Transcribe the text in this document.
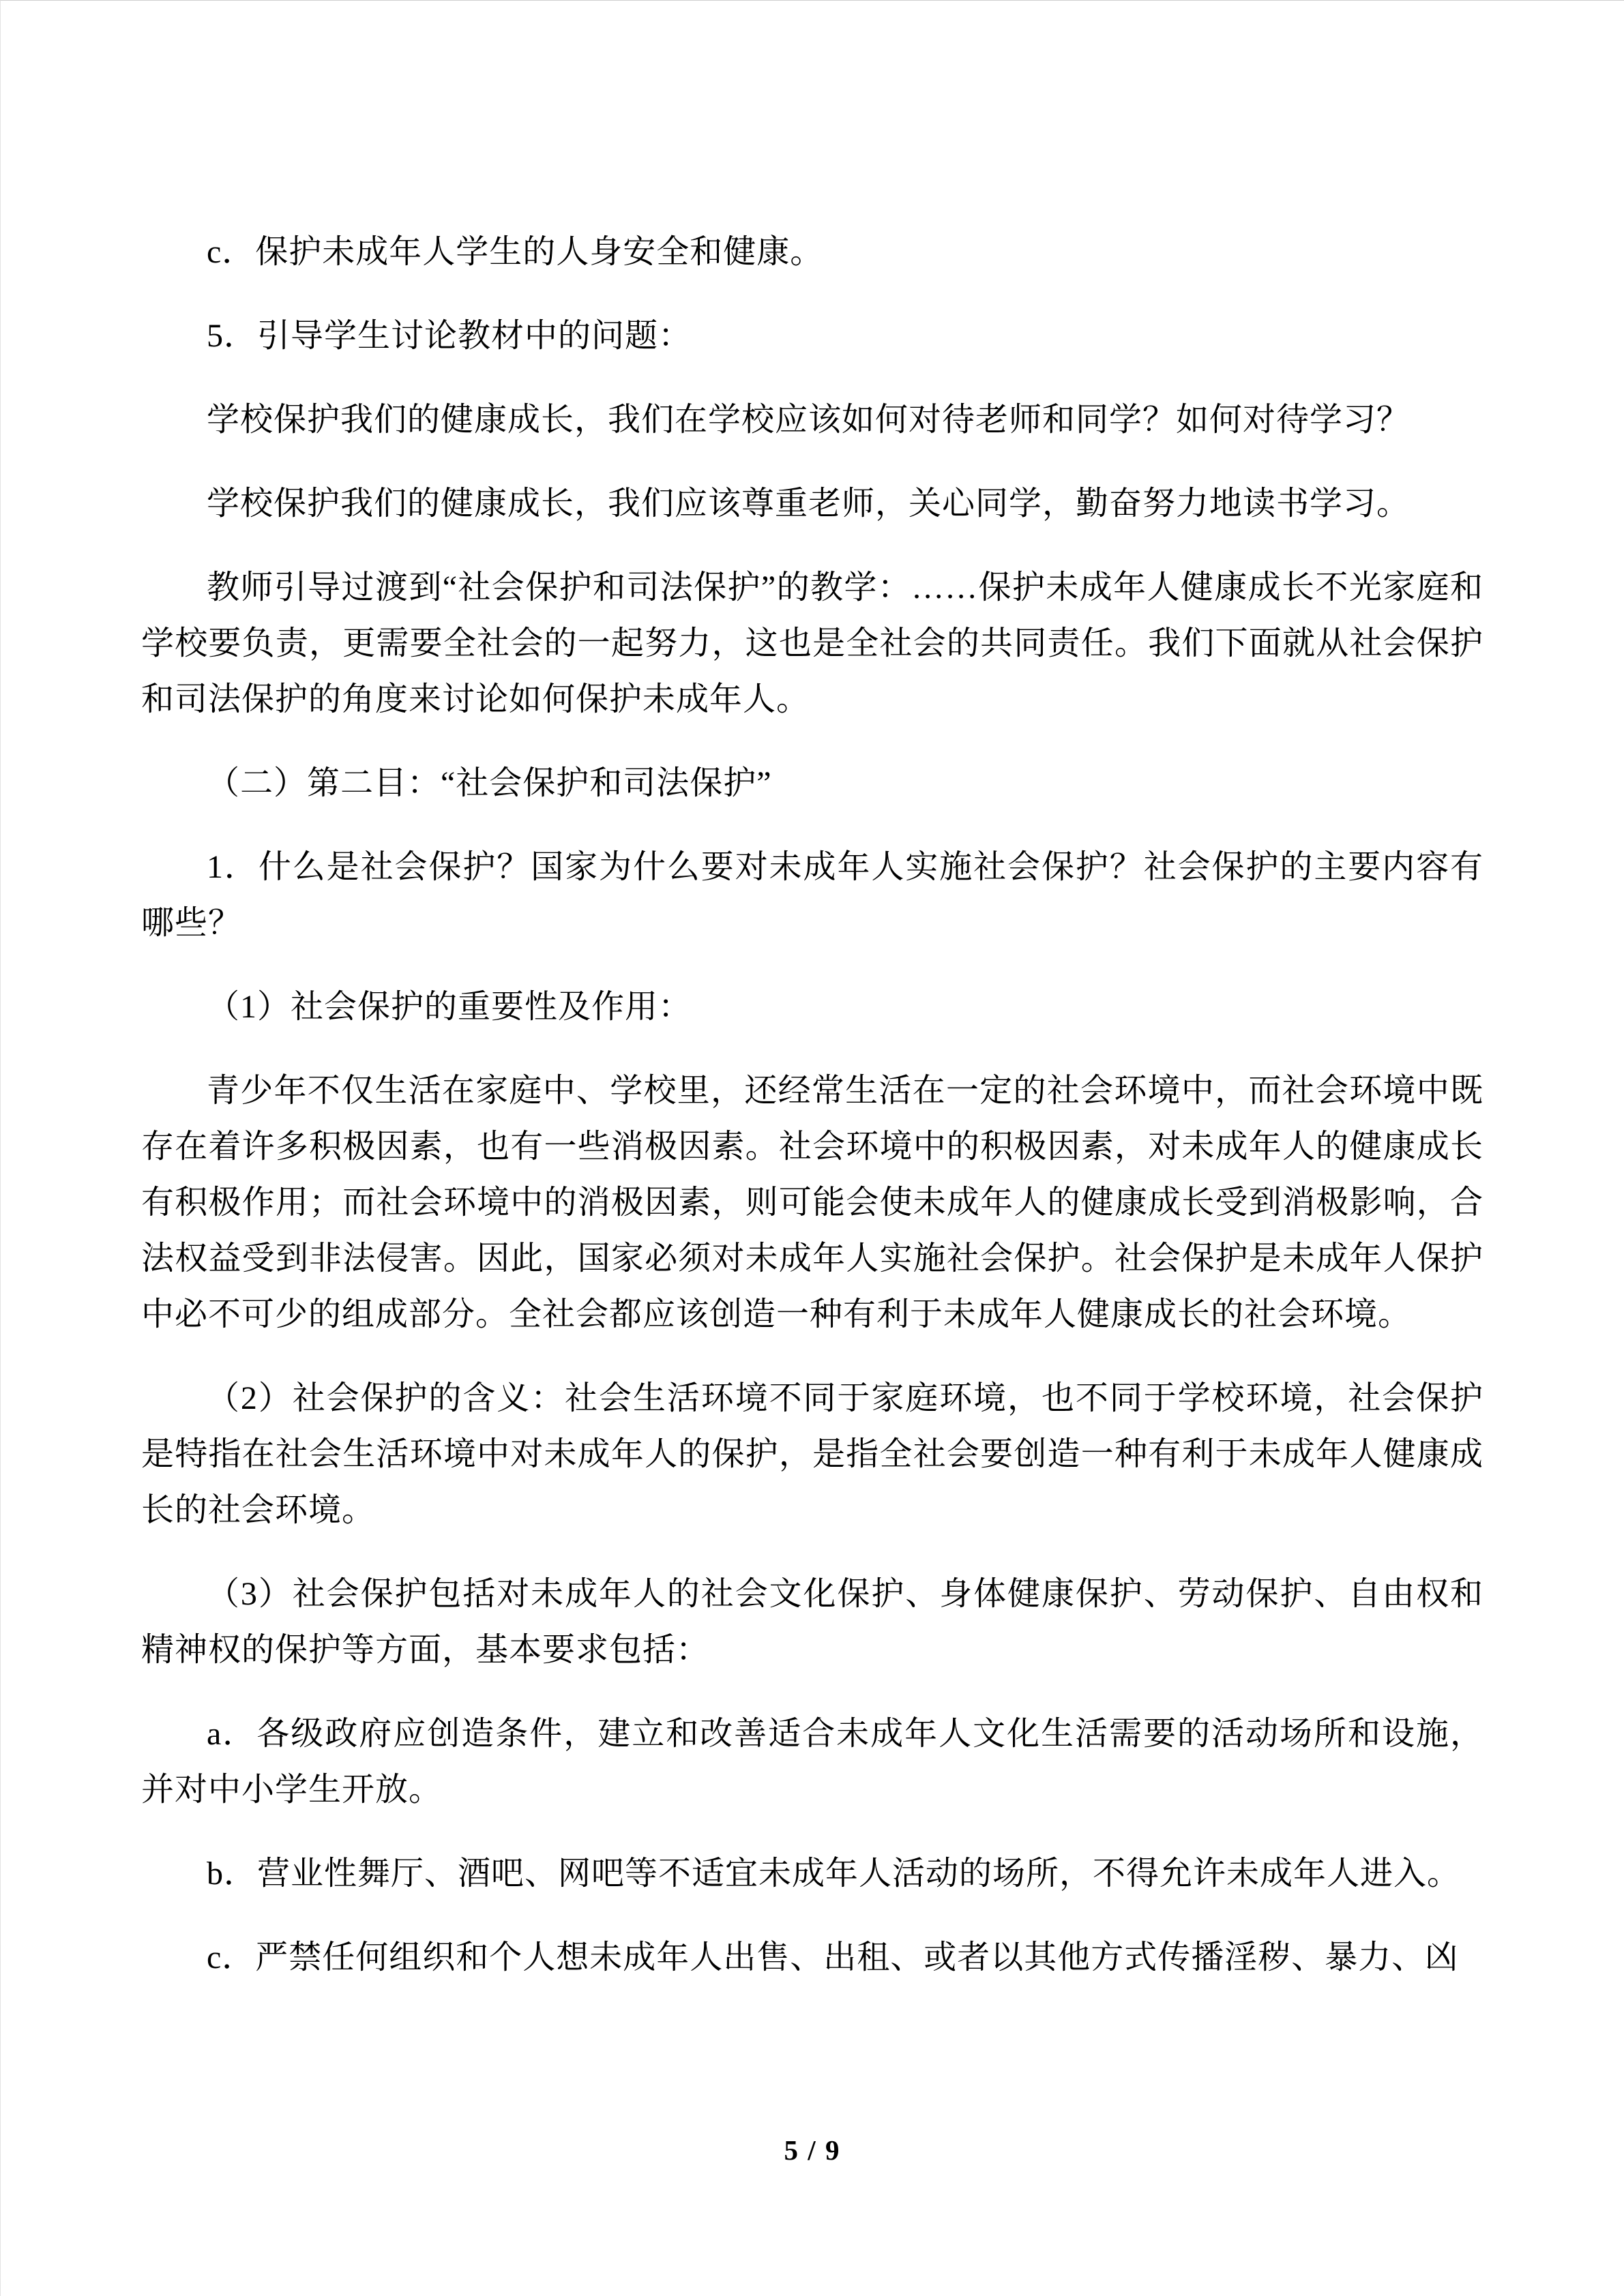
c．保护未成年人学生的人身安全和健康。

5．引导学生讨论教材中的问题：

学校保护我们的健康成长，我们在学校应该如何对待老师和同学？如何对待学习？

学校保护我们的健康成长，我们应该尊重老师，关心同学，勤奋努力地读书学习。

教师引导过渡到“社会保护和司法保护”的教学：……保护未成年人健康成长不光家庭和学校要负责，更需要全社会的一起努力，这也是全社会的共同责任。我们下面就从社会保护和司法保护的角度来讨论如何保护未成年人。

（二）第二目：“社会保护和司法保护”

1．什么是社会保护？国家为什么要对未成年人实施社会保护？社会保护的主要内容有哪些？

（1）社会保护的重要性及作用：

青少年不仅生活在家庭中、学校里，还经常生活在一定的社会环境中，而社会环境中既存在着许多积极因素，也有一些消极因素。社会环境中的积极因素，对未成年人的健康成长有积极作用；而社会环境中的消极因素，则可能会使未成年人的健康成长受到消极影响，合法权益受到非法侵害。因此，国家必须对未成年人实施社会保护。社会保护是未成年人保护中必不可少的组成部分。全社会都应该创造一种有利于未成年人健康成长的社会环境。

（2）社会保护的含义：社会生活环境不同于家庭环境，也不同于学校环境，社会保护是特指在社会生活环境中对未成年人的保护，是指全社会要创造一种有利于未成年人健康成长的社会环境。

（3）社会保护包括对未成年人的社会文化保护、身体健康保护、劳动保护、自由权和精神权的保护等方面，基本要求包括：

a．各级政府应创造条件，建立和改善适合未成年人文化生活需要的活动场所和设施，并对中小学生开放。

b．营业性舞厅、酒吧、网吧等不适宜未成年人活动的场所，不得允许未成年人进入。

c．严禁任何组织和个人想未成年人出售、出租、或者以其他方式传播淫秽、暴力、凶

5 / 9
